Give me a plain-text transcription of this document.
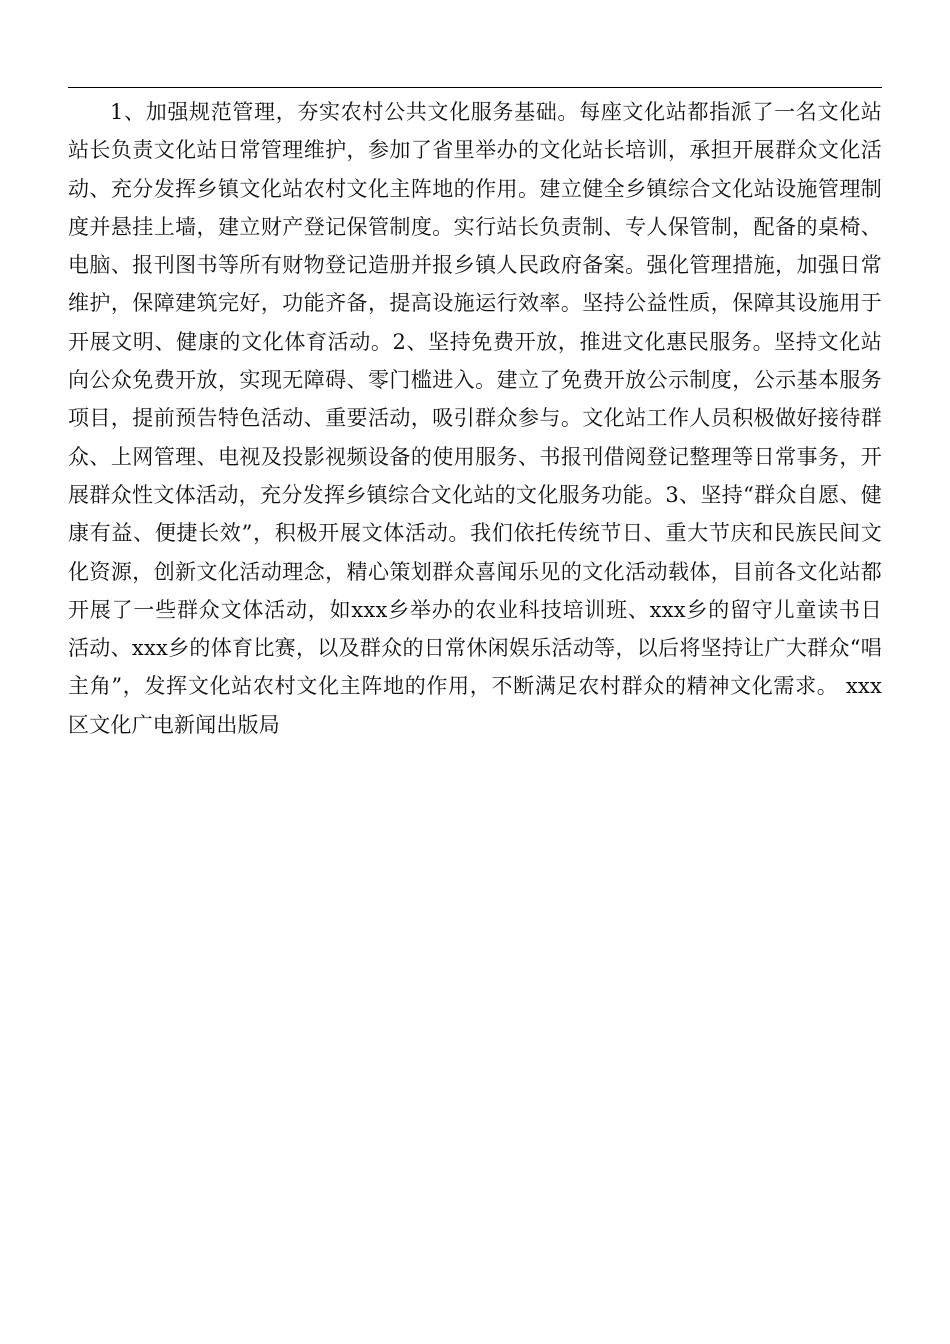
1、加强规范管理，夯实农村公共文化服务基础。每座文化站都指派了一名文化站站长负责文化站日常管理维护，参加了省里举办的文化站长培训，承担开展群众文化活动、充分发挥乡镇文化站农村文化主阵地的作用。建立健全乡镇综合文化站设施管理制度并悬挂上墙，建立财产登记保管制度。实行站长负责制、专人保管制，配备的桌椅、电脑、报刊图书等所有财物登记造册并报乡镇人民政府备案。强化管理措施，加强日常维护，保障建筑完好，功能齐备，提高设施运行效率。坚持公益性质，保障其设施用于开展文明、健康的文化体育活动。2、坚持免费开放，推进文化惠民服务。坚持文化站向公众免费开放，实现无障碍、零门槛进入。建立了免费开放公示制度，公示基本服务项目，提前预告特色活动、重要活动，吸引群众参与。文化站工作人员积极做好接待群众、上网管理、电视及投影视频设备的使用服务、书报刊借阅登记整理等日常事务，开展群众性文体活动，充分发挥乡镇综合文化站的文化服务功能。3、坚持“群众自愿、健康有益、便捷长效”，积极开展文体活动。我们依托传统节日、重大节庆和民族民间文化资源，创新文化活动理念，精心策划群众喜闻乐见的文化活动载体，目前各文化站都开展了一些群众文体活动，如xxx乡举办的农业科技培训班、xxx乡的留守儿童读书日活动、xxx乡的体育比赛，以及群众的日常休闲娱乐活动等，以后将坚持让广大群众“唱主角”，发挥文化站农村文化主阵地的作用，不断满足农村群众的精神文化需求。 xxx区文化广电新闻出版局
